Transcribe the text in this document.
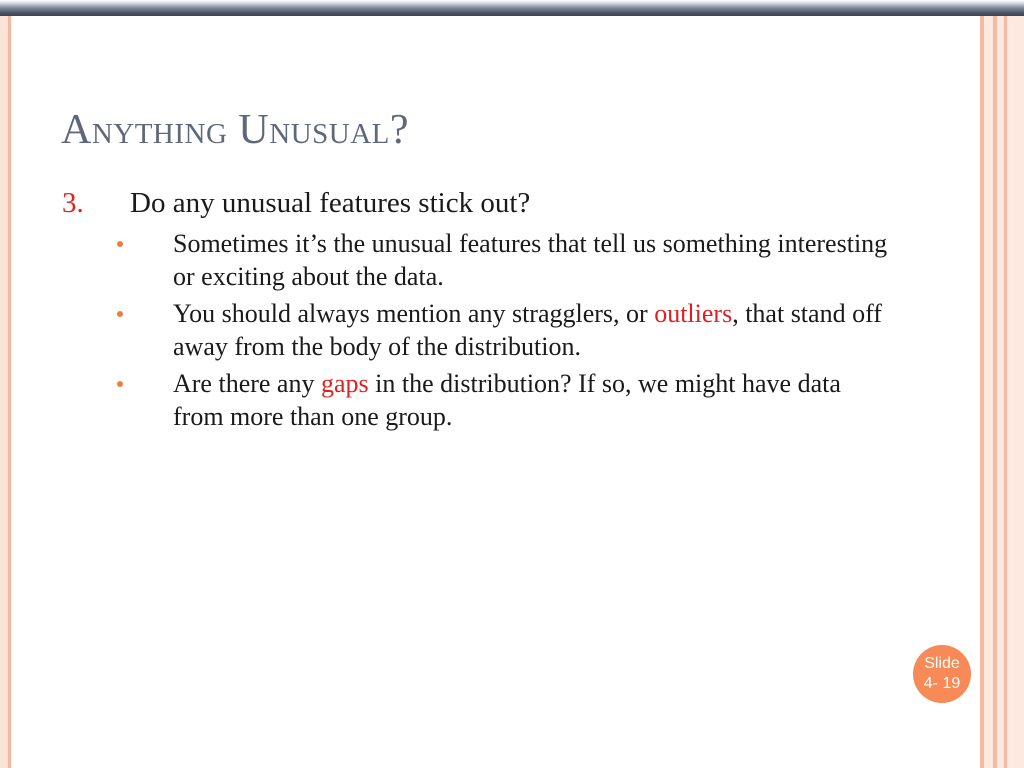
Anything Unusual?
3.	Do any unusual features stick out?
Sometimes it’s the unusual features that tell us something interesting or exciting about the data.
You should always mention any stragglers, or outliers, that stand off away from the body of the distribution.
Are there any gaps in the distribution? If so, we might have data from more than one group.
Slide
4- 19
